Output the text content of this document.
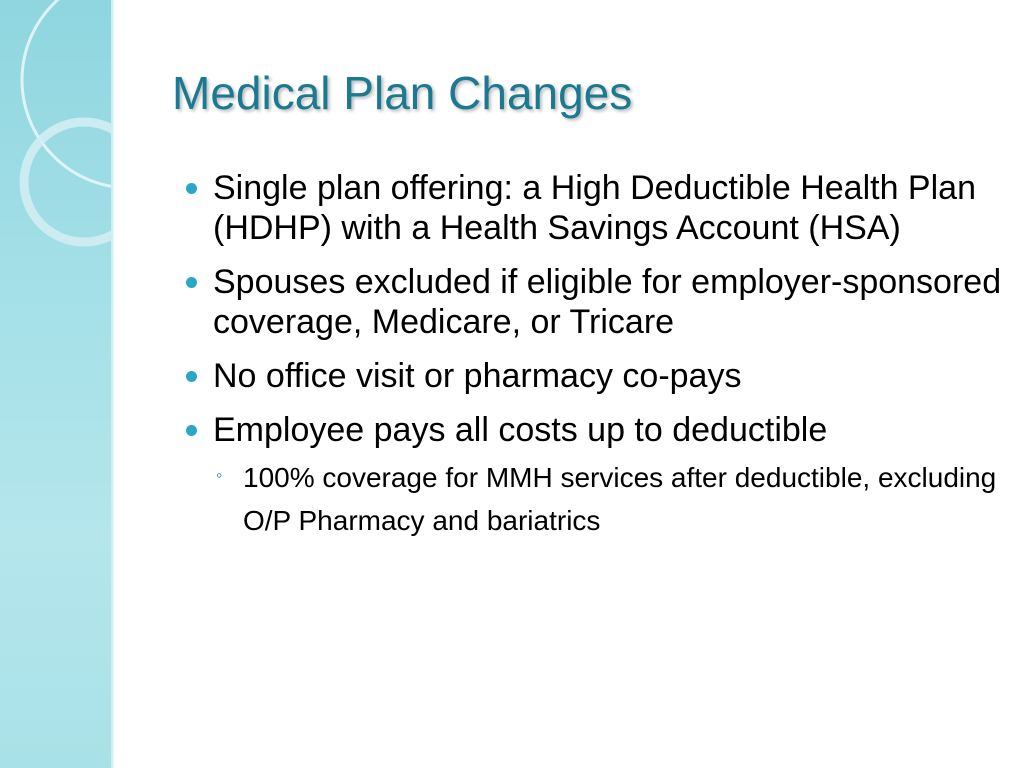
Medical Plan Changes
Single plan offering: a High Deductible Health Plan (HDHP) with a Health Savings Account (HSA)
Spouses excluded if eligible for employer-sponsored coverage, Medicare, or Tricare
No office visit or pharmacy co-pays
Employee pays all costs up to deductible
◦ 100% coverage for MMH services after deductible, excluding O/P Pharmacy and bariatrics
